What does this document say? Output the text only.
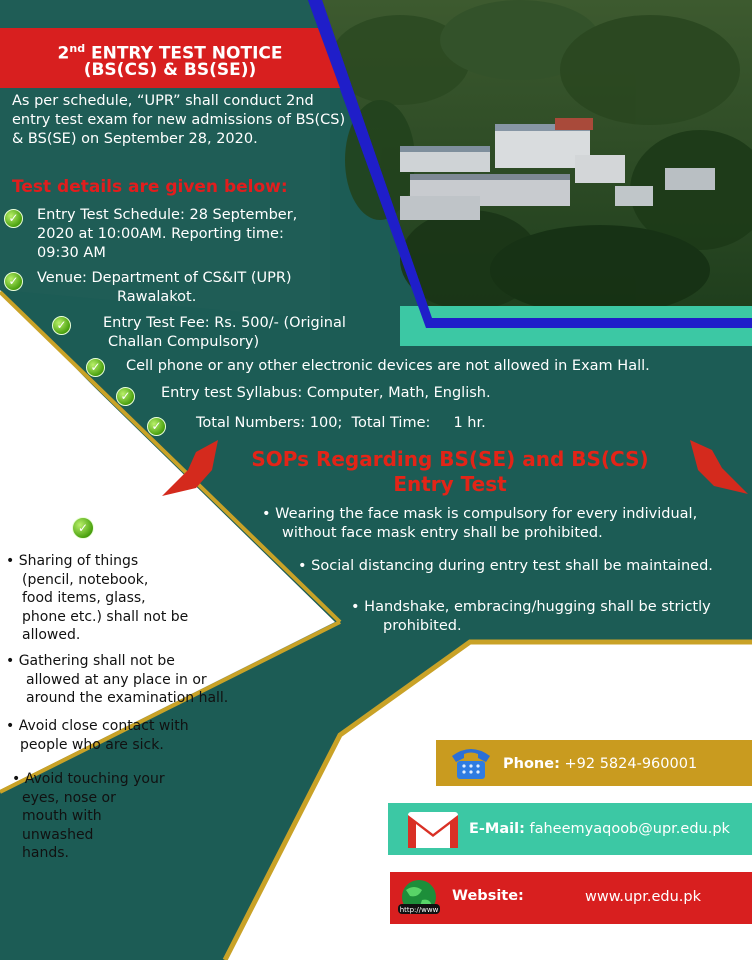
2nd ENTRY TEST NOTICE
(BS(CS) & BS(SE))
As per schedule, “UPR” shall conduct 2nd entry test exam for new admissions of BS(CS) & BS(SE) on September 28, 2020.
Test details are given below:
✓	Entry Test Schedule: 28 September,
2020 at 10:00AM. Reporting time:
09:30 AM
✓	Venue: Department of CS&IT (UPR)
Rawalakot.
✓	Entry Test Fee: Rs. 500/- (Original
Challan Compulsory)
✓	Cell phone or any other electronic devices are not allowed in Exam Hall.
✓	Entry test Syllabus: Computer, Math, English.
✓	Total Numbers: 100;  Total Time:     1 hr.
SOPs Regarding BS(SE) and BS(CS)
Entry Test
• Wearing the face mask is compulsory for every individual,
without face mask entry shall be prohibited.
• Social distancing during entry test shall be maintained.
• Handshake, embracing/hugging shall be strictly
prohibited.
✓
• Sharing of things
(pencil, notebook,
food items, glass,
phone etc.) shall not be
allowed.
• Gathering shall not be
allowed at any place in or
around the examination hall.
• Avoid close contact with
people who are sick.
• Avoid touching your
eyes, nose or
mouth with
unwashed
hands.
Phone: +92 5824-960001
E-Mail: faheemyaqoob@upr.edu.pk
http://www
Website:	www.upr.edu.pk
